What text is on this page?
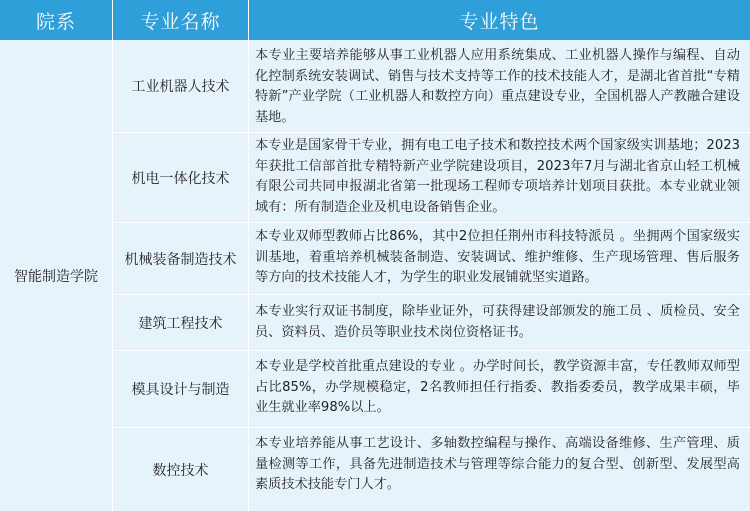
院系	专业名称	专业特色
智能制造学院
工业机器人技术
本专业主要培养能够从事工业机器人应用系统集成、工业机器人操作与编程、自动化控制系统安装调试、销售与技术支持等工作的技术技能人才，是湖北省首批“专精特新”产业学院（工业机器人和数控方向）重点建设专业，全国机器人产教融合建设基地。
机电一体化技术
本专业是国家骨干专业，拥有电工电子技术和数控技术两个国家级实训基地；2023年获批工信部首批专精特新产业学院建设项目，2023年7月与湖北省京山轻工机械有限公司共同申报湖北省第一批现场工程师专项培养计划项目获批。本专业就业领域有：所有制造企业及机电设备销售企业。
机械装备制造技术
本专业双师型教师占比86%，其中2位担任荆州市科技特派员 。坐拥两个国家级实训基地，着重培养机械装备制造、安装调试、维护维修、生产现场管理、售后服务等方向的技术技能人才，为学生的职业发展铺就坚实道路。
建筑工程技术
本专业实行双证书制度，除毕业证外，可获得建设部颁发的施工员 、质检员、安全员、资料员、造价员等职业技术岗位资格证书。
模具设计与制造
本专业是学校首批重点建设的专业 。办学时间长，教学资源丰富，专任教师双师型占比85%，办学规模稳定，2名教师担任行指委、教指委委员，教学成果丰硕，毕业生就业率98%以上。
数控技术
本专业培养能从事工艺设计、多轴数控编程与操作、高端设备维修、生产管理、质量检测等工作，具备先进制造技术与管理等综合能力的复合型、创新型、发展型高素质技术技能专门人才。
